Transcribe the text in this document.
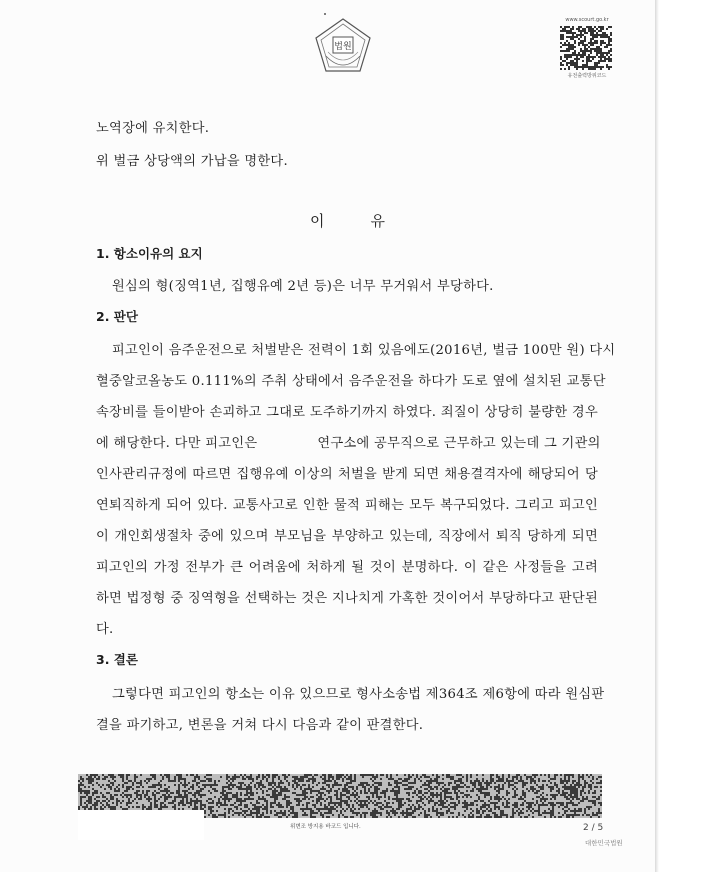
법원
www.scourt.go.kr
유전출력방위코드
노역장에 유치한다.
위 벌금 상당액의 가납을 명한다.
이	유
1. 항소이유의 요지
원심의 형(징역1년, 집행유예 2년 등)은 너무 무거워서 부당하다.
2. 판단
피고인이 음주운전으로 처벌받은 전력이 1회 있음에도(2016년, 벌금 100만 원) 다시
혈중알코올농도 0.111%의 주취 상태에서 음주운전을 하다가 도로 옆에 설치된 교통단
속장비를 들이받아 손괴하고 그대로 도주하기까지 하였다. 죄질이 상당히 불량한 경우
에 해당한다. 다만 피고인은	연구소에 공무직으로 근무하고 있는데 그 기관의
인사관리규정에 따르면 집행유예 이상의 처벌을 받게 되면 채용결격자에 해당되어 당
연퇴직하게 되어 있다. 교통사고로 인한 물적 피해는 모두 복구되었다. 그리고 피고인
이 개인회생절차 중에 있으며 부모님을 부양하고 있는데, 직장에서 퇴직 당하게 되면
피고인의 가정 전부가 큰 어려움에 처하게 될 것이 분명하다. 이 같은 사정들을 고려
하면 법정형 중 징역형을 선택하는 것은 지나치게 가혹한 것이어서 부당하다고 판단된
다.
3. 결론
그렇다면 피고인의 항소는 이유 있으므로 형사소송법 제364조 제6항에 따라 원심판
결을 파기하고, 변론을 거쳐 다시 다음과 같이 판결한다.
위변조 방지용 바코드 입니다.	2 / 5
대한민국법원
